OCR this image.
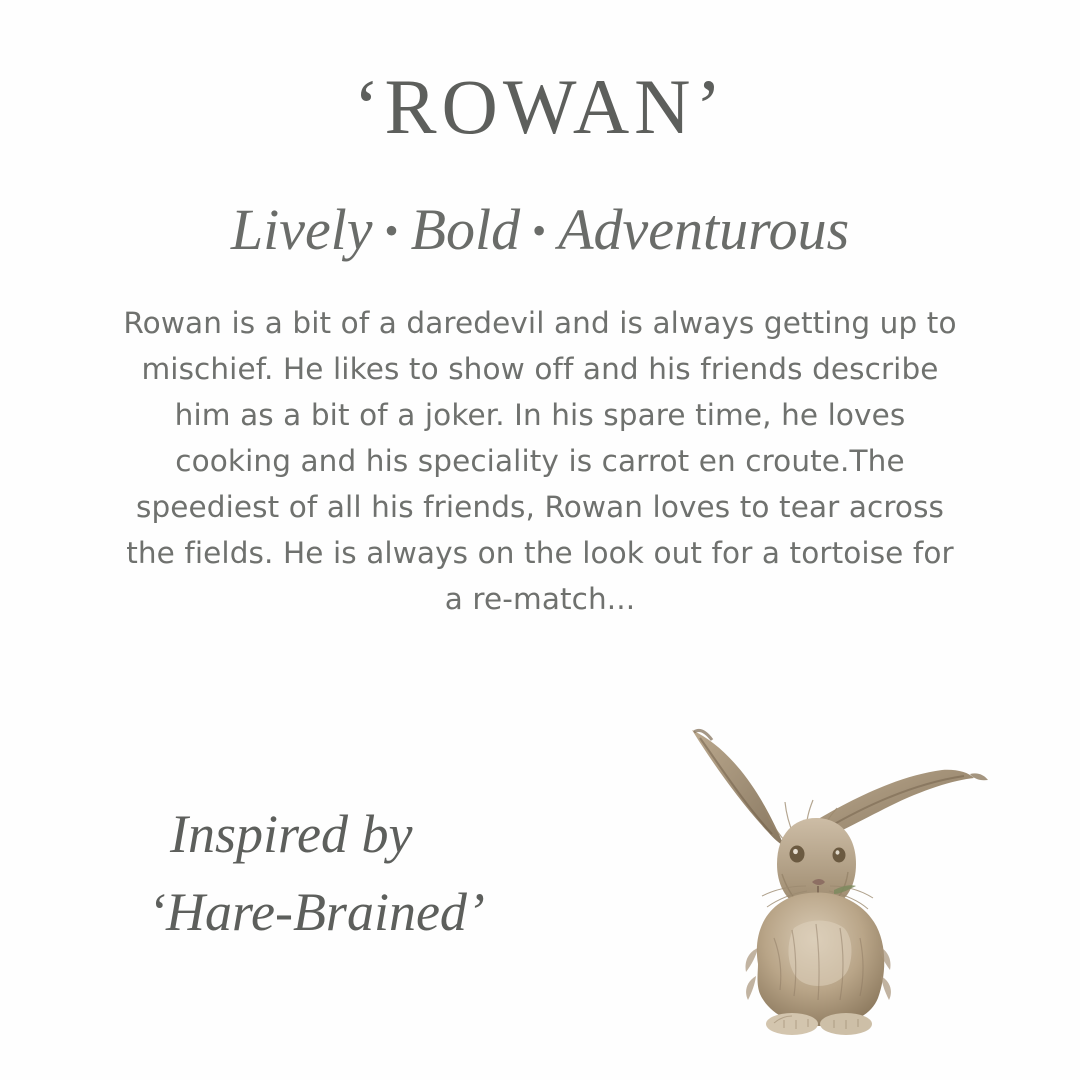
‘ROWAN’
Lively • Bold • Adventurous
Rowan is a bit of a daredevil and is always getting up to mischief. He likes to show off and his friends describe him as a bit of a joker. In his spare time, he loves cooking and his speciality is carrot en croute.The speediest of all his friends, Rowan loves to tear across the fields. He is always on the look out for a tortoise for a re-match...
Inspired by
‘Hare-Brained’
